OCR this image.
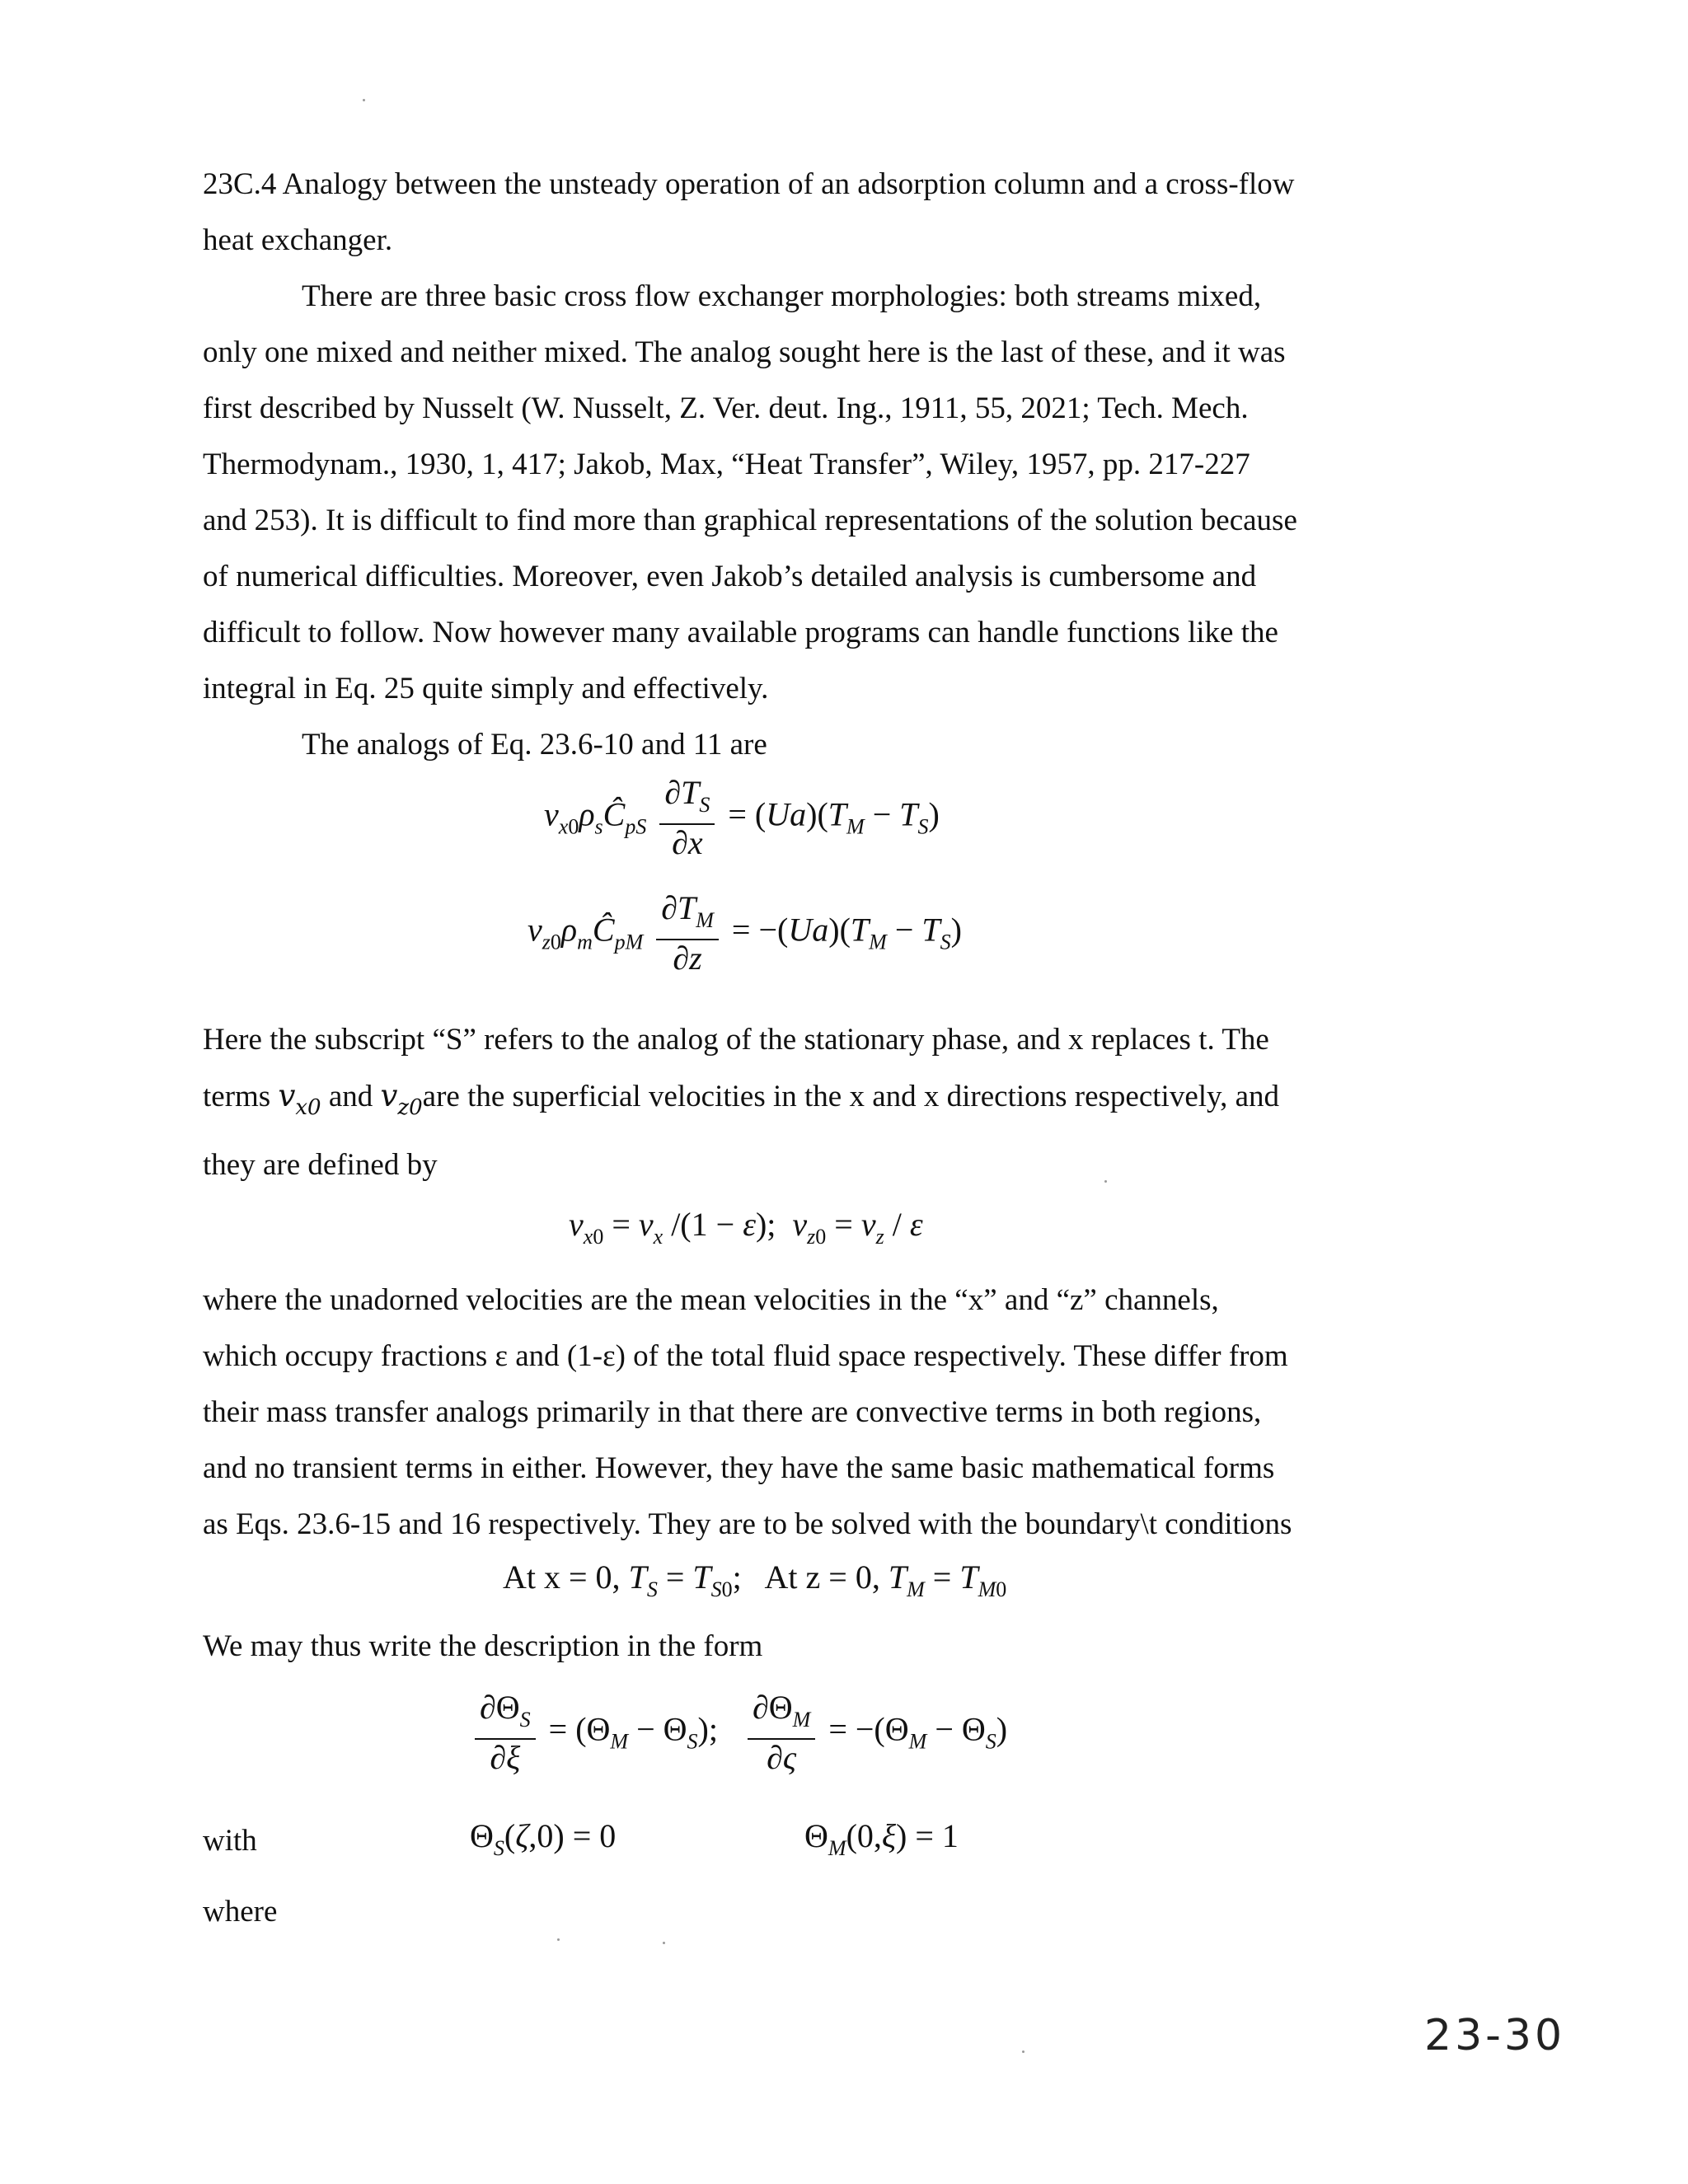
23C.4 Analogy between the unsteady operation of an adsorption column and a cross-flow
heat exchanger.
There are three basic cross flow exchanger morphologies: both streams mixed,
only one mixed and neither mixed. The analog sought here is the last of these, and it was
first described by Nusselt (W. Nusselt, Z. Ver. deut. Ing., 1911, 55, 2021; Tech. Mech.
Thermodynam., 1930, 1, 417; Jakob, Max, “Heat Transfer”, Wiley, 1957, pp. 217-227
and 253). It is difficult to find more than graphical representations of the solution because
of numerical difficulties. Moreover, even Jakob’s detailed analysis is cumbersome and
difficult to follow. Now however many available programs can handle functions like the
integral in Eq. 25 quite simply and effectively.
The analogs of Eq. 23.6-10 and 11 are
$v_{x0}\rho_sĈ_{pS} \frac{\partial T_S}{\partial x} = (Ua)(T_M - T_S)$
$v_{z0}\rho_mĈ_{pM} \frac{\partial T_M}{\partial z} = -(Ua)(T_M - T_S)$
Here the subscript “S” refers to the analog of the stationary phase, and x replaces t. The
terms $v_{x0}$ and $v_{z0}are$ the superficial velocities in the x and x directions respectively, and
they are defined by
$v_{x0} = v_x$ /(1 − ε);  $v_{z0} = v_z / \varepsilon$
where the unadorned velocities are the mean velocities in the “x” and “z” channels,
which occupy fractions ε and (1-ε) of the total fluid space respectively. These differ from
their mass transfer analogs primarily in that there are convective terms in both regions,
and no transient terms in either. However, they have the same basic mathematical forms
as Eqs. 23.6-15 and 16 respectively. They are to be solved with the boundary\t conditions
At x = 0, $T_S = T_{S0}$;   At z = 0, $T_M = T_{M0}$
We may thus write the description in the form
$\frac{\partial\Theta_S}{\partial\xi} = (\Theta_M - \Theta_S)$; $\frac{\partial\Theta_M}{\partial\varsigma} = -(\Theta_M - \Theta_S)$
with	$\Theta_S(\zeta,0) = 0$	$\Theta_M(0,\xi) = 1$
where
23-30
